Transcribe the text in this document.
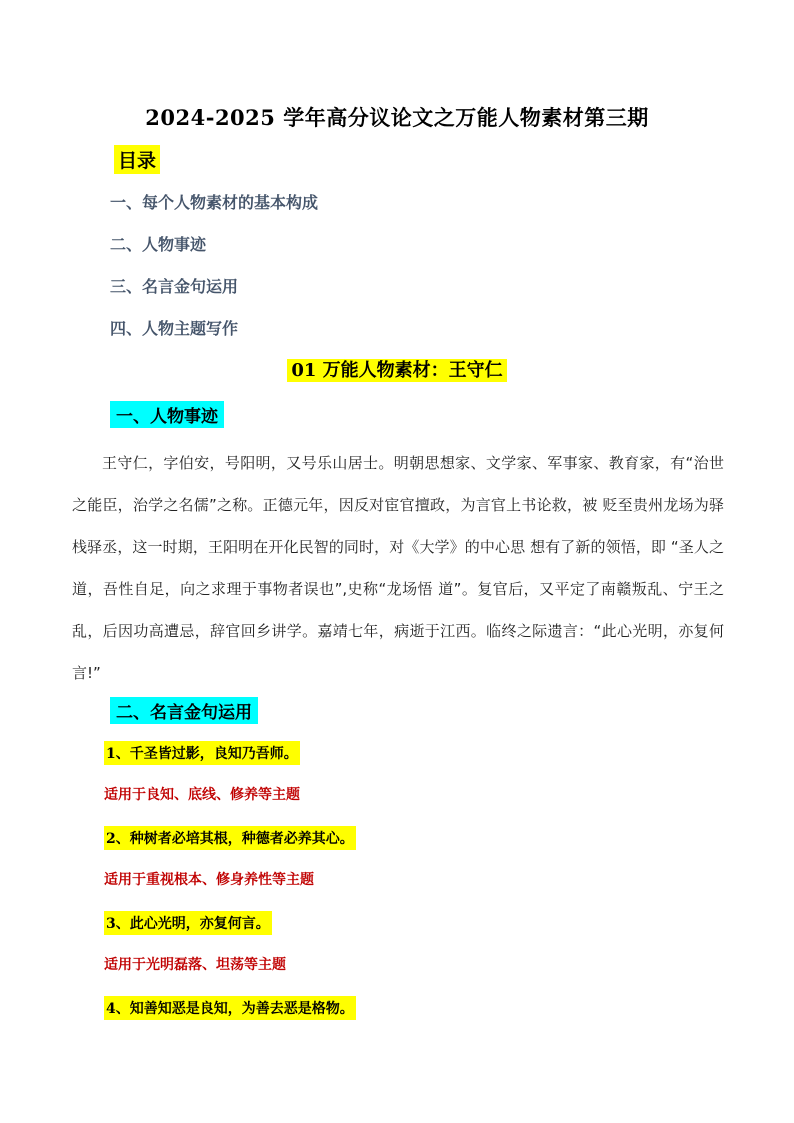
2024-2025 学年高分议论文之万能人物素材第三期
目录
一、每个人物素材的基本构成
二、人物事迹
三、名言金句运用
四、人物主题写作
01 万能人物素材：王守仁
一、人物事迹
王守仁，字伯安，号阳明，又号乐山居士。明朝思想家、文学家、军事家、教育家，有“治世之能臣，治学之名儒”之称。正德元年，因反对宦官擅政，为言官上书论救，被 贬至贵州龙场为驿栈驿丞，这一时期，王阳明在开化民智的同时，对《大学》的中心思 想有了新的领悟，即 “圣人之道，吾性自足，向之求理于事物者误也”,史称“龙场悟 道”。复官后，又平定了南赣叛乱、宁王之乱，后因功高遭忌，辞官回乡讲学。嘉靖七年，病逝于江西。临终之际遗言：“此心光明，亦复何言!”
二、名言金句运用
1、千圣皆过影，良知乃吾师。
适用于良知、底线、修养等主题
2、种树者必培其根，种德者必养其心。
适用于重视根本、修身养性等主题
3、此心光明，亦复何言。
适用于光明磊落、坦荡等主题
4、知善知恶是良知，为善去恶是格物。
